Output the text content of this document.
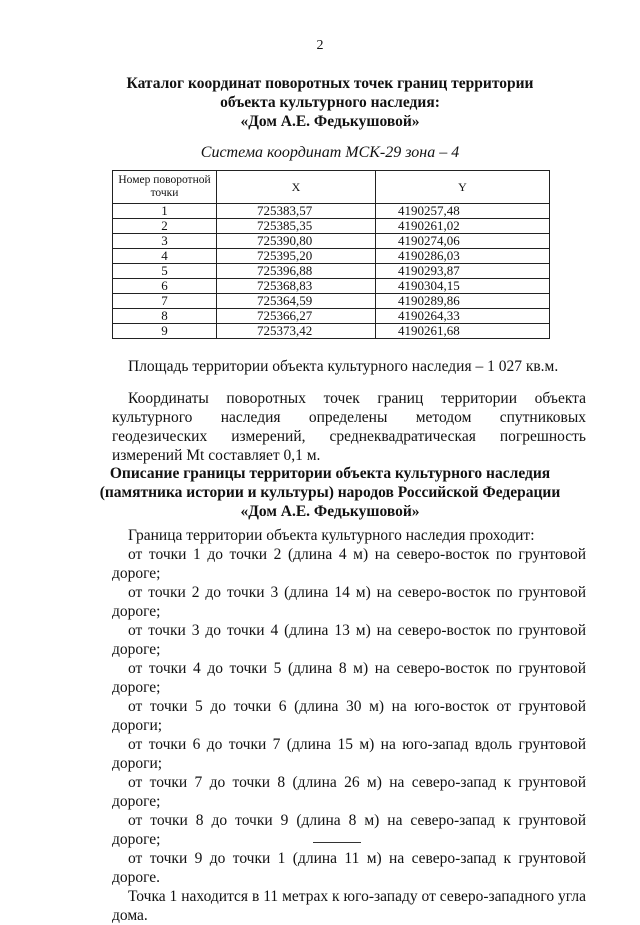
2
Каталог координат поворотных точек границ территории
объекта культурного наследия:
«Дом А.Е. Федькушовой»
Система координат МСК-29 зона – 4
Номер поворотной точки	X	Y
1	725383,57	4190257,48
2	725385,35	4190261,02
3	725390,80	4190274,06
4	725395,20	4190286,03
5	725396,88	4190293,87
6	725368,83	4190304,15
7	725364,59	4190289,86
8	725366,27	4190264,33
9	725373,42	4190261,68
Площадь территории объекта культурного наследия – 1 027 кв.м.
Координаты поворотных точек границ территории объекта культурного наследия определены методом спутниковых геодезических измерений, среднеквадратическая погрешность измерений Mt составляет 0,1 м.
Описание границы территории объекта культурного наследия
(памятника истории и культуры) народов Российской Федерации
«Дом А.Е. Федькушовой»
Граница территории объекта культурного наследия проходит:
от точки 1 до точки 2 (длина 4 м) на северо-восток по грунтовой дороге;
от точки 2 до точки 3 (длина 14 м) на северо-восток по грунтовой дороге;
от точки 3 до точки 4 (длина 13 м) на северо-восток по грунтовой дороге;
от точки 4 до точки 5 (длина 8 м) на северо-восток по грунтовой дороге;
от точки 5 до точки 6 (длина 30 м) на юго-восток от грунтовой дороги;
от точки 6 до точки 7 (длина 15 м) на юго-запад вдоль грунтовой дороги;
от точки 7 до точки 8 (длина 26 м) на северо-запад к грунтовой дороге;
от точки 8 до точки 9 (длина 8 м) на северо-запад к грунтовой дороге;
от точки 9 до точки 1 (длина 11 м) на северо-запад к грунтовой дороге.
Точка 1 находится в 11 метрах к юго-западу от северо-западного угла дома.
